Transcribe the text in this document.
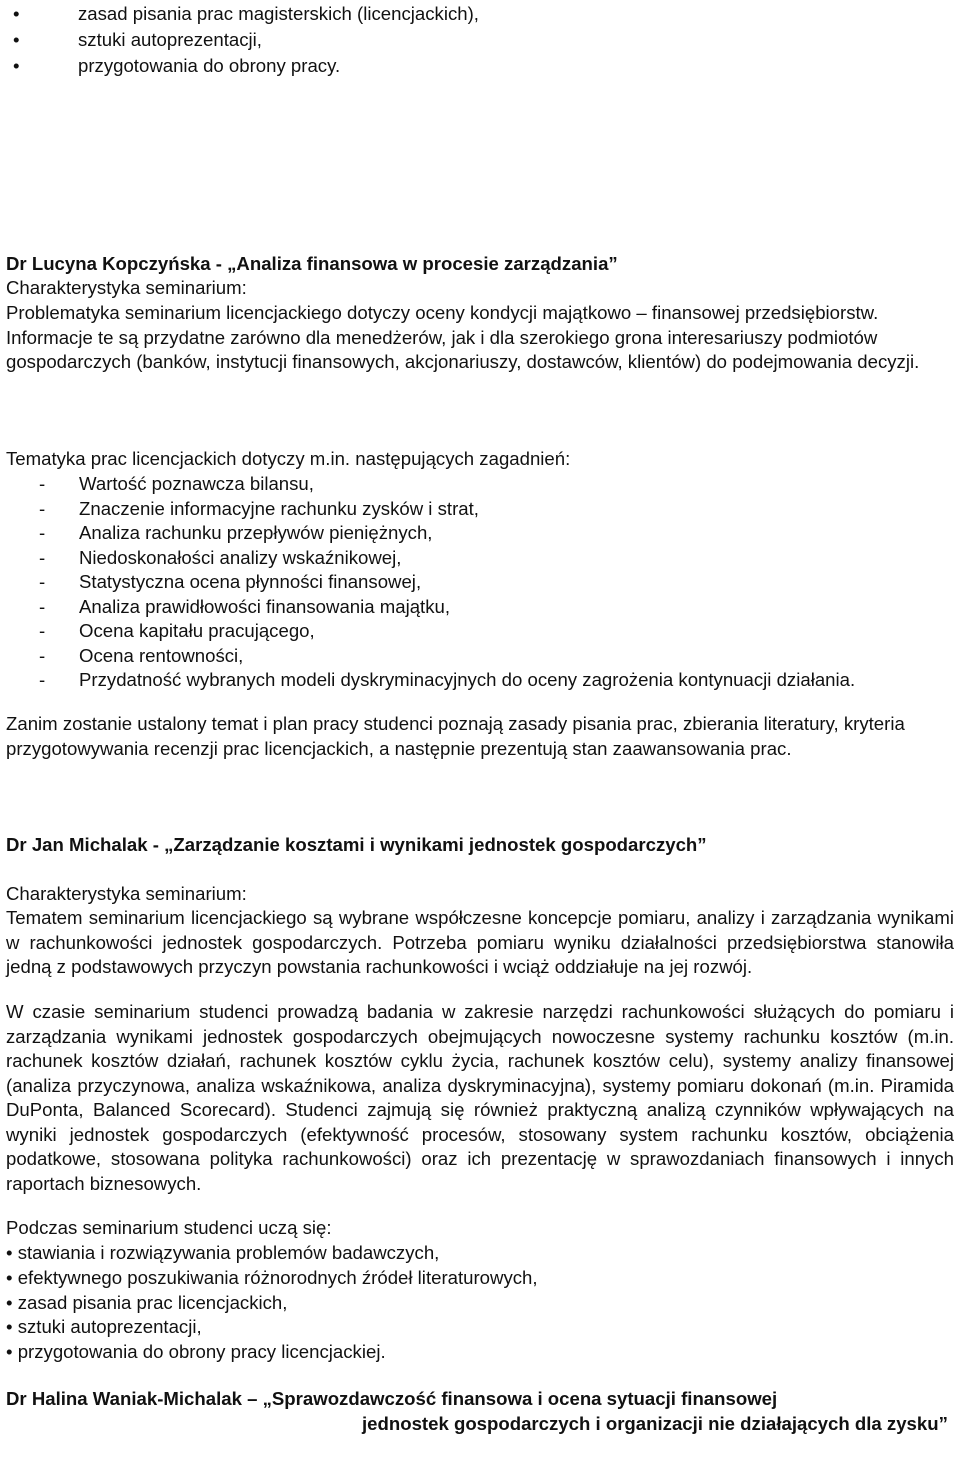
•	zasad pisania prac magisterskich (licencjackich),
•	sztuki autoprezentacji,
•	przygotowania do obrony pracy.
Dr Lucyna Kopczyńska - „Analiza finansowa w procesie zarządzania”
Charakterystyka seminarium:

Problematyka seminarium licencjackiego dotyczy oceny kondycji majątkowo – finansowej przedsiębiorstw. Informacje te są przydatne zarówno dla menedżerów, jak i dla szerokiego grona interesariuszy podmiotów gospodarczych (banków, instytucji finansowych, akcjonariuszy, dostawców, klientów) do podejmowania decyzji.

Tematyka prac licencjackich dotyczy m.in. następujących zagadnień:
- Wartość poznawcza bilansu,
- Znaczenie informacyjne rachunku zysków i strat,
- Analiza rachunku przepływów pieniężnych,
- Niedoskonałości analizy wskaźnikowej,
- Statystyczna ocena płynności finansowej,
- Analiza prawidłowości finansowania majątku,
- Ocena kapitału pracującego,
- Ocena rentowności,
- Przydatność wybranych modeli dyskryminacyjnych do oceny zagrożenia kontynuacji działania.

Zanim zostanie ustalony temat i plan pracy studenci poznają zasady pisania prac, zbierania literatury, kryteria przygotowywania recenzji prac licencjackich, a następnie prezentują stan zaawansowania prac.

Dr Jan Michalak - „Zarządzanie kosztami i wynikami jednostek gospodarczych”
Charakterystyka seminarium:

Tematem seminarium licencjackiego są wybrane współczesne koncepcje pomiaru, analizy i zarządzania wynikami w rachunkowości jednostek gospodarczych. Potrzeba pomiaru wyniku działalności przedsiębiorstwa stanowiła jedną z podstawowych przyczyn powstania rachunkowości i wciąż oddziałuje na jej rozwój.

W czasie seminarium studenci prowadzą badania w zakresie narzędzi rachunkowości służących do pomiaru i zarządzania wynikami jednostek gospodarczych obejmujących nowoczesne systemy rachunku kosztów (m.in. rachunek kosztów działań, rachunek kosztów cyklu życia, rachunek kosztów celu), systemy analizy finansowej (analiza przyczynowa, analiza wskaźnikowa, analiza dyskryminacyjna), systemy pomiaru dokonań (m.in. Piramida DuPonta, Balanced Scorecard). Studenci zajmują się również praktyczną analizą czynników wpływających na wyniki jednostek gospodarczych (efektywność procesów, stosowany system rachunku kosztów, obciążenia podatkowe, stosowana polityka rachunkowości) oraz ich prezentację w sprawozdaniach finansowych i innych raportach biznesowych.

Podczas seminarium studenci uczą się:
• stawiania i rozwiązywania problemów badawczych,
• efektywnego poszukiwania różnorodnych źródeł literaturowych,
• zasad pisania prac licencjackich,
• sztuki autoprezentacji,
• przygotowania do obrony pracy licencjackiej.
Dr Halina Waniak-Michalak – „Sprawozdawczość finansowa i ocena sytuacji finansowej
jednostek gospodarczych i organizacji nie działających dla zysku”
